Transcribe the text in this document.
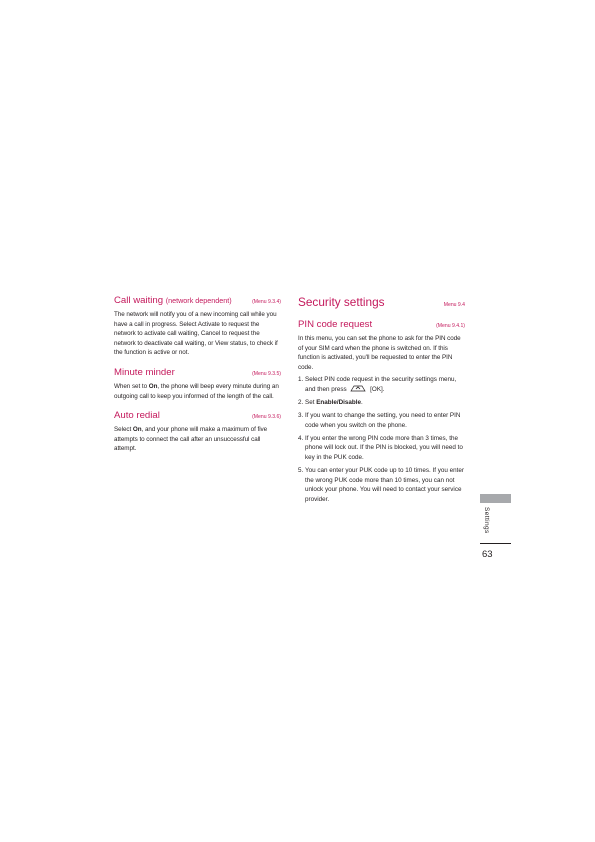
Call waiting (network dependent)	(Menu 9.3.4)

The network will notify you of a new incoming call while you have a call in progress. Select Activate to request the network to activate call waiting, Cancel to request the network to deactivate call waiting, or View status, to check if the function is active or not.

Minute minder	(Menu 9.3.5)

When set to On, the phone will beep every minute during an outgoing call to keep you informed of the length of the call.

Auto redial	(Menu 9.3.6)

Select On, and your phone will make a maximum of five attempts to connect the call after an unsuccessful call attempt.

Security settings	Menu 9.4
PIN code request	(Menu 9.4.1)

In this menu, you can set the phone to ask for the PIN code of your SIM card when the phone is switched on. If this function is activated, you'll be requested to enter the PIN code.

1. Select PIN code request in the security settings menu, and then press	[OK].
2. Set Enable/Disable.
3. If you want to change the setting, you need to enter PIN code when you switch on the phone.
4. If you enter the wrong PIN code more than 3 times, the phone will lock out. If the PIN is blocked, you will need to key in the PUK code.
5. You can enter your PUK code up to 10 times. If you enter the wrong PUK code more than 10 times, you can not unlock your phone. You will need to contact your service provider.
Settings
63
